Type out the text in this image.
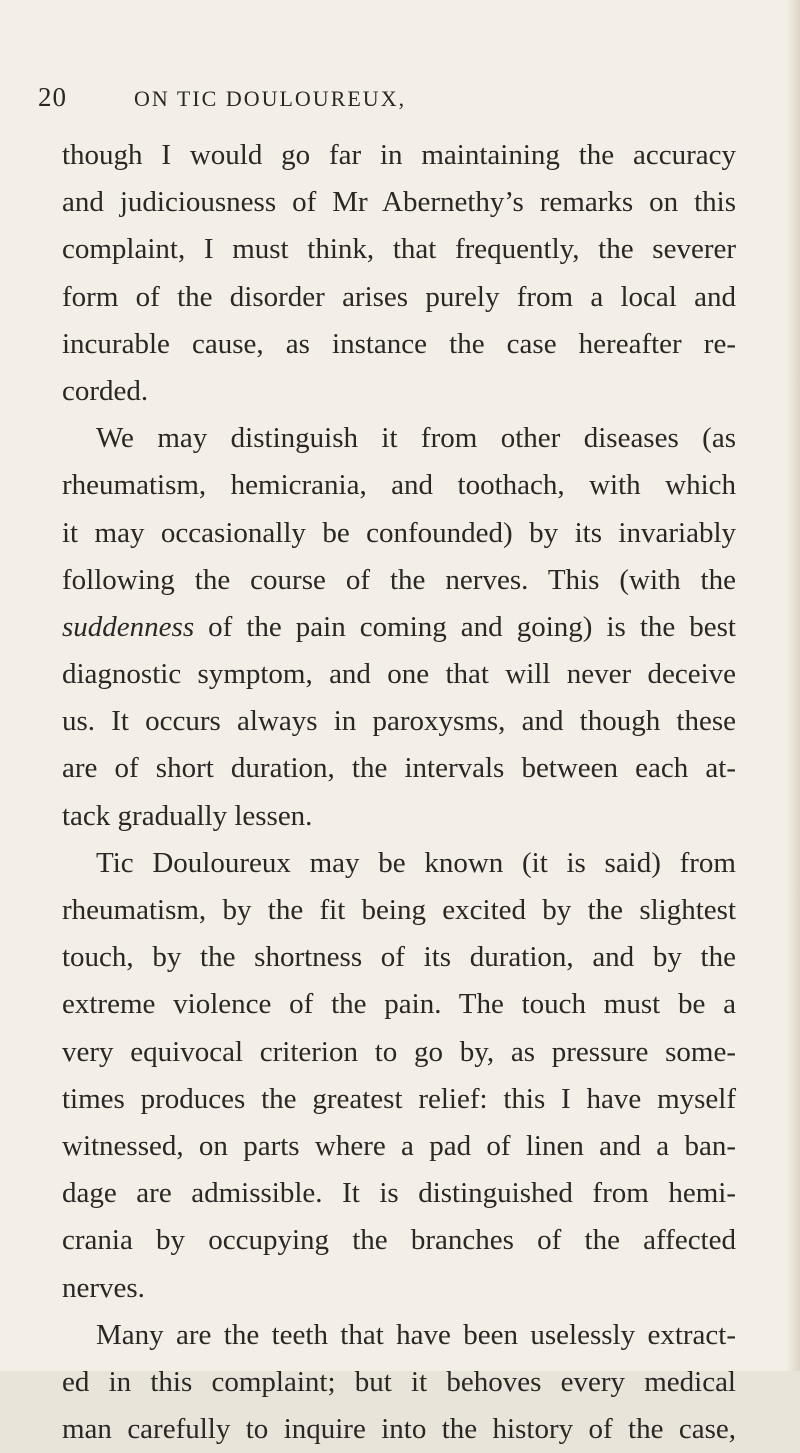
20	ON TIC DOULOUREUX,
though I would go far in maintaining the accuracy
and judiciousness of Mr Abernethy’s remarks on this
complaint, I must think, that frequently, the severer
form of the disorder arises purely from a local and
incurable cause, as instance the case hereafter re-
corded.
We may distinguish it from other diseases (as
rheumatism, hemicrania, and toothach, with which
it may occasionally be confounded) by its invariably
following the course of the nerves. This (with the
suddenness of the pain coming and going) is the best
diagnostic symptom, and one that will never deceive
us. It occurs always in paroxysms, and though these
are of short duration, the intervals between each at-
tack gradually lessen.
Tic Douloureux may be known (it is said) from
rheumatism, by the fit being excited by the slightest
touch, by the shortness of its duration, and by the
extreme violence of the pain. The touch must be a
very equivocal criterion to go by, as pressure some-
times produces the greatest relief: this I have myself
witnessed, on parts where a pad of linen and a ban-
dage are admissible. It is distinguished from hemi-
crania by occupying the branches of the affected
nerves.
Many are the teeth that have been uselessly extract-
ed in this complaint; but it behoves every medical
man carefully to inquire into the history of the case,
